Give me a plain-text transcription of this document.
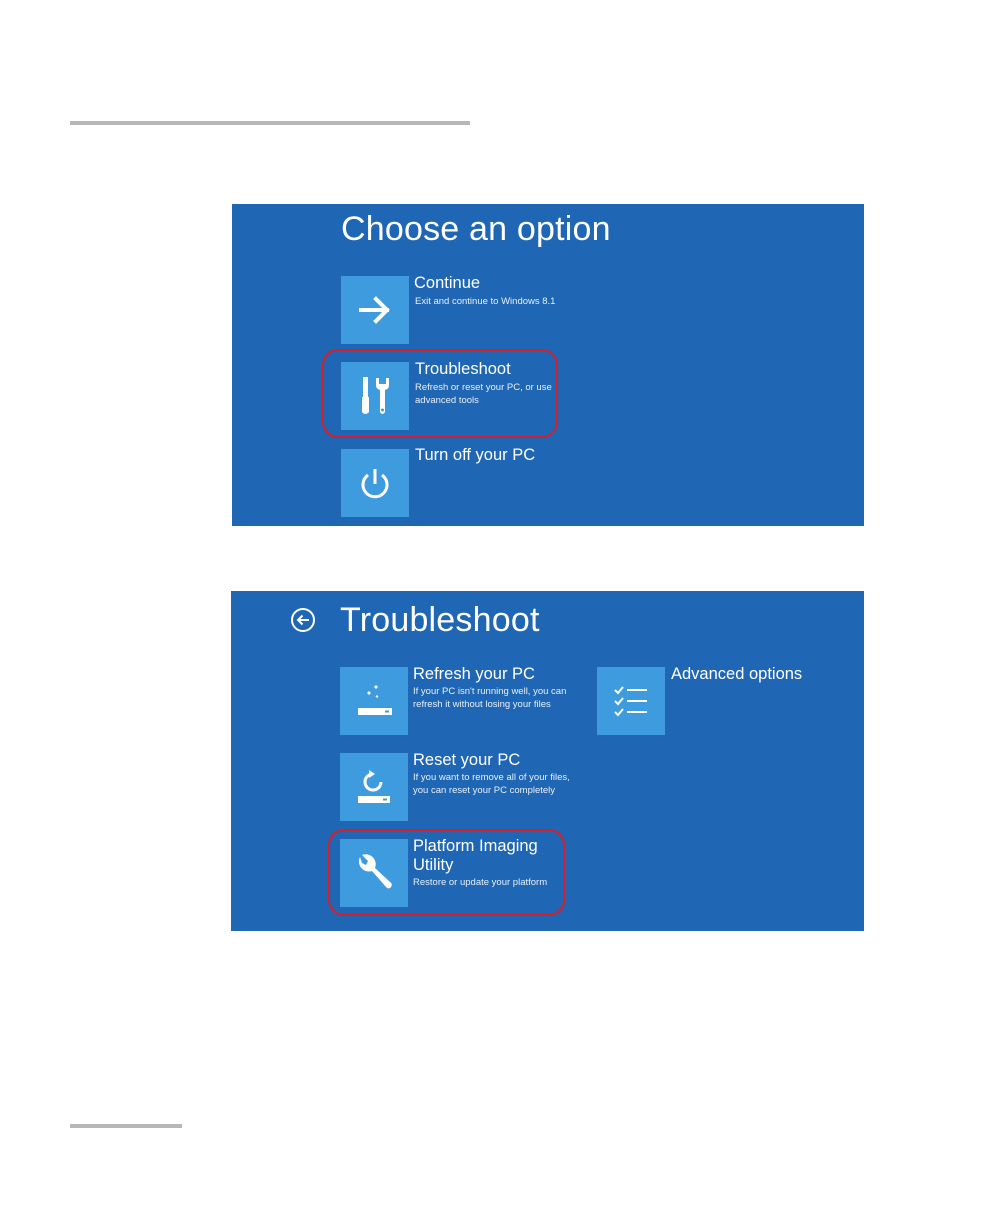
Choose an option
Continue
Exit and continue to Windows 8.1
Troubleshoot
Refresh or reset your PC, or use advanced tools
Turn off your PC
Troubleshoot
Refresh your PC
If your PC isn't running well, you can refresh it without losing your files
Reset your PC
If you want to remove all of your files, you can reset your PC completely
Platform Imaging Utility
Restore or update your platform
Advanced options
